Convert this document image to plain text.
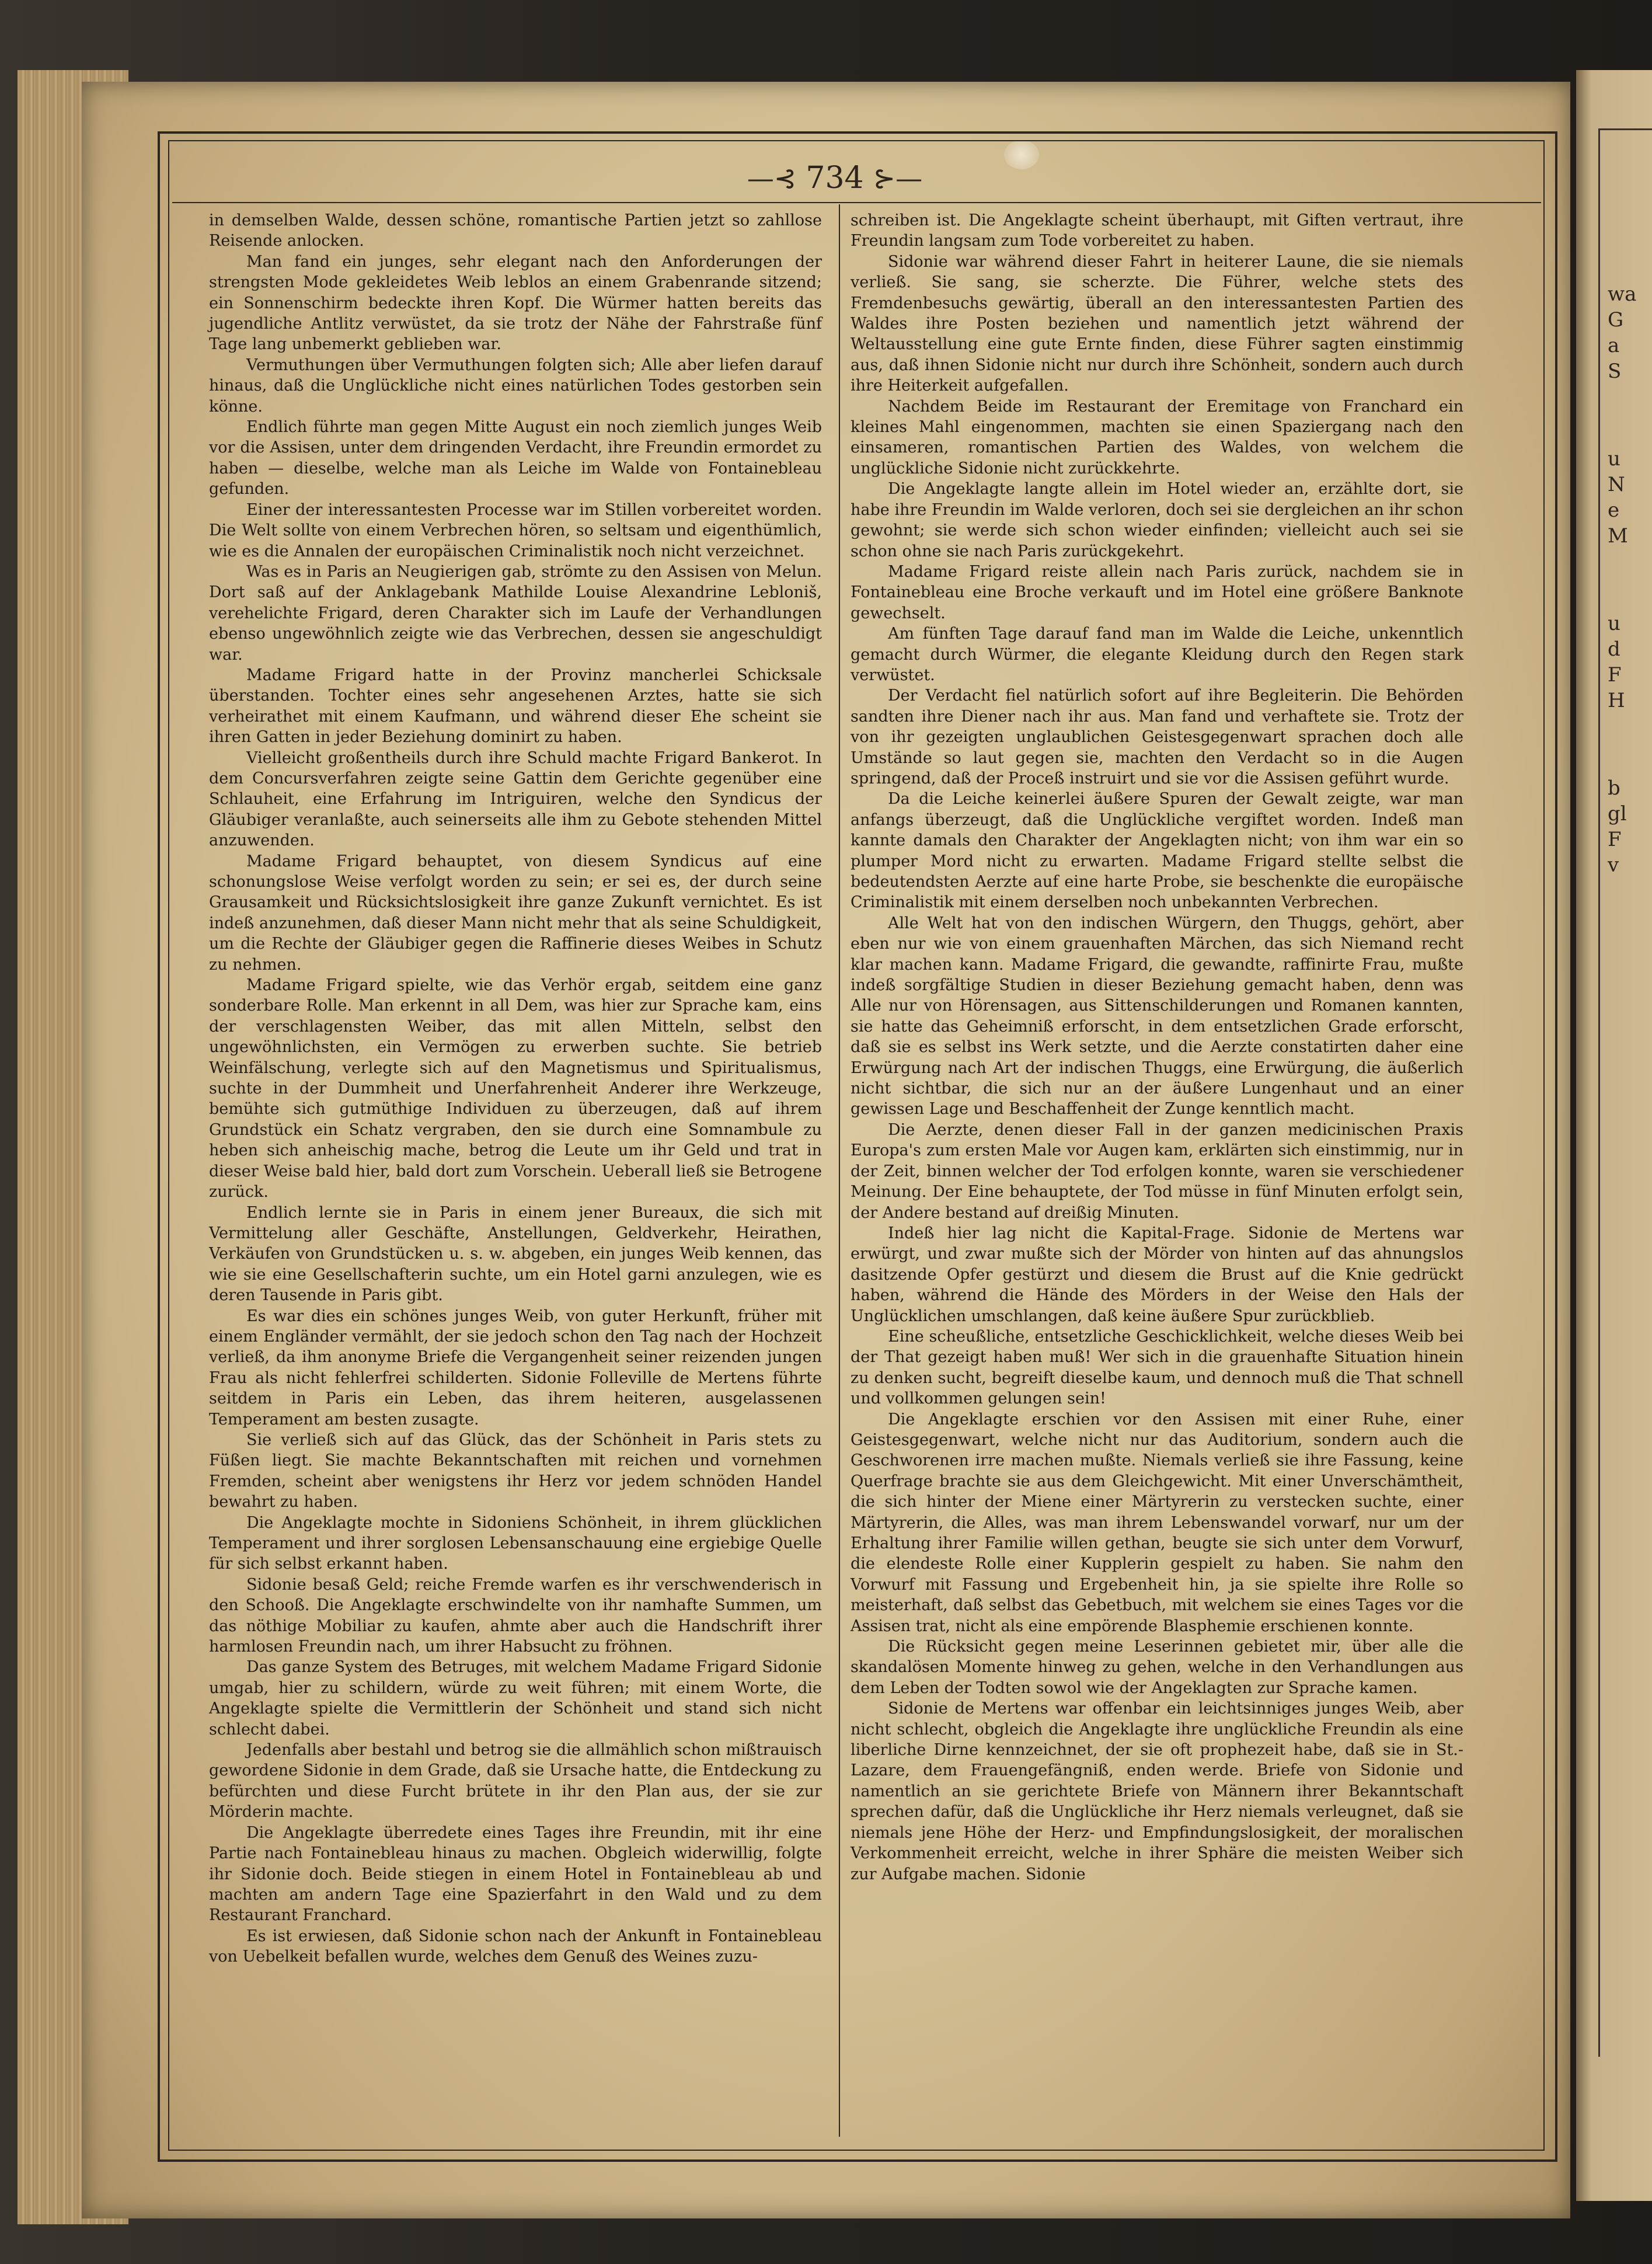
wa
G
a
S
u
N
e
M
u
d
F
H
b
gl
F
v
—⊰ 734 ⊱—

in demselben Walde, dessen schöne, romantische Partien jetzt so zahllose Reisende anlocken.

Man fand ein junges, sehr elegant nach den Anforderungen der strengsten Mode gekleidetes Weib leblos an einem Grabenrande sitzend; ein Sonnenschirm bedeckte ihren Kopf. Die Würmer hatten bereits das jugendliche Antlitz verwüstet, da sie trotz der Nähe der Fahrstraße fünf Tage lang unbemerkt geblieben war.

Vermuthungen über Vermuthungen folgten sich; Alle aber liefen darauf hinaus, daß die Unglückliche nicht eines natürlichen Todes gestorben sein könne.

Endlich führte man gegen Mitte August ein noch ziemlich junges Weib vor die Assisen, unter dem dringenden Verdacht, ihre Freundin ermordet zu haben — dieselbe, welche man als Leiche im Walde von Fontainebleau gefunden.

Einer der interessantesten Processe war im Stillen vorbereitet worden. Die Welt sollte von einem Verbrechen hören, so seltsam und eigenthümlich, wie es die Annalen der europäischen Criminalistik noch nicht verzeichnet.

Was es in Paris an Neugierigen gab, strömte zu den Assisen von Melun. Dort saß auf der Anklagebank Mathilde Louise Alexandrine Lebloniš, verehelichte Frigard, deren Charakter sich im Laufe der Verhandlungen ebenso ungewöhnlich zeigte wie das Verbrechen, dessen sie angeschuldigt war.

Madame Frigard hatte in der Provinz mancherlei Schicksale überstanden. Tochter eines sehr angesehenen Arztes, hatte sie sich verheirathet mit einem Kaufmann, und während dieser Ehe scheint sie ihren Gatten in jeder Beziehung dominirt zu haben.

Vielleicht großentheils durch ihre Schuld machte Frigard Bankerot. In dem Concursverfahren zeigte seine Gattin dem Gerichte gegenüber eine Schlauheit, eine Erfahrung im Intriguiren, welche den Syndicus der Gläubiger veranlaßte, auch seinerseits alle ihm zu Gebote stehenden Mittel anzuwenden.

Madame Frigard behauptet, von diesem Syndicus auf eine schonungslose Weise verfolgt worden zu sein; er sei es, der durch seine Grausamkeit und Rücksichtslosigkeit ihre ganze Zukunft vernichtet. Es ist indeß anzunehmen, daß dieser Mann nicht mehr that als seine Schuldigkeit, um die Rechte der Gläubiger gegen die Raffinerie dieses Weibes in Schutz zu nehmen.

Madame Frigard spielte, wie das Verhör ergab, seitdem eine ganz sonderbare Rolle. Man erkennt in all Dem, was hier zur Sprache kam, eins der verschlagensten Weiber, das mit allen Mitteln, selbst den ungewöhnlichsten, ein Vermögen zu erwerben suchte. Sie betrieb Weinfälschung, verlegte sich auf den Magnetismus und Spiritualismus, suchte in der Dummheit und Unerfahrenheit Anderer ihre Werkzeuge, bemühte sich gutmüthige Individuen zu überzeugen, daß auf ihrem Grundstück ein Schatz vergraben, den sie durch eine Somnambule zu heben sich anheischig mache, betrog die Leute um ihr Geld und trat in dieser Weise bald hier, bald dort zum Vorschein. Ueberall ließ sie Betrogene zurück.

Endlich lernte sie in Paris in einem jener Bureaux, die sich mit Vermittelung aller Geschäfte, Anstellungen, Geldverkehr, Heirathen, Verkäufen von Grundstücken u. s. w. abgeben, ein junges Weib kennen, das wie sie eine Gesellschafterin suchte, um ein Hotel garni anzulegen, wie es deren Tausende in Paris gibt.

Es war dies ein schönes junges Weib, von guter Herkunft, früher mit einem Engländer vermählt, der sie jedoch schon den Tag nach der Hochzeit verließ, da ihm anonyme Briefe die Vergangenheit seiner reizenden jungen Frau als nicht fehlerfrei schilderten. Sidonie Follevi̇lle de Mertens führte seitdem in Paris ein Leben, das ihrem heiteren, ausgelassenen Temperament am besten zusagte.

Sie verließ sich auf das Glück, das der Schönheit in Paris stets zu Füßen liegt. Sie machte Bekanntschaften mit reichen und vornehmen Fremden, scheint aber wenigstens ihr Herz vor jedem schnöden Handel bewahrt zu haben.

Die Angeklagte mochte in Sidoniens Schönheit, in ihrem glücklichen Temperament und ihrer sorglosen Lebensanschauung eine ergiebige Quelle für sich selbst erkannt haben.

Sidonie besaß Geld; reiche Fremde warfen es ihr verschwenderisch in den Schooß. Die Angeklagte erschwindelte von ihr namhafte Summen, um das nöthige Mobiliar zu kaufen, ahmte aber auch die Handschrift ihrer harmlosen Freundin nach, um ihrer Habsucht zu fröhnen.

Das ganze System des Betruges, mit welchem Madame Frigard Sidonie umgab, hier zu schildern, würde zu weit führen; mit einem Worte, die Angeklagte spielte die Vermittlerin der Schönheit und stand sich nicht schlecht dabei.

Jedenfalls aber bestahl und betrog sie die allmählich schon mißtrauisch gewordene Sidonie in dem Grade, daß sie Ursache hatte, die Entdeckung zu befürchten und diese Furcht brütete in ihr den Plan aus, der sie zur Mörderin machte.

Die Angeklagte überredete eines Tages ihre Freundin, mit ihr eine Partie nach Fontainebleau hinaus zu machen. Obgleich widerwillig, folgte ihr Sidonie doch. Beide stiegen in einem Hotel in Fontainebleau ab und machten am andern Tage eine Spazierfahrt in den Wald und zu dem Restaurant Franchard.

Es ist erwiesen, daß Sidonie schon nach der Ankunft in Fontainebleau von Uebelkeit befallen wurde, welches dem Genuß des Weines zuzu-

schreiben ist. Die Angeklagte scheint überhaupt, mit Giften vertraut, ihre Freundin langsam zum Tode vorbereitet zu haben.

Sidonie war während dieser Fahrt in heiterer Laune, die sie niemals verließ. Sie sang, sie scherzte. Die Führer, welche stets des Fremdenbesuchs gewärtig, überall an den interessantesten Partien des Waldes ihre Posten beziehen und namentlich jetzt während der Weltausstellung eine gute Ernte finden, diese Führer sagten einstimmig aus, daß ihnen Sidonie nicht nur durch ihre Schönheit, sondern auch durch ihre Heiterkeit aufgefallen.

Nachdem Beide im Restaurant der Eremitage von Franchard ein kleines Mahl eingenommen, machten sie einen Spaziergang nach den einsameren, romantischen Partien des Waldes, von welchem die unglückliche Sidonie nicht zurückkehrte.

Die Angeklagte langte allein im Hotel wieder an, erzählte dort, sie habe ihre Freundin im Walde verloren, doch sei sie dergleichen an ihr schon gewohnt; sie werde sich schon wieder einfinden; vielleicht auch sei sie schon ohne sie nach Paris zurückgekehrt.

Madame Frigard reiste allein nach Paris zurück, nachdem sie in Fontainebleau eine Broche verkauft und im Hotel eine größere Banknote gewechselt.

Am fünften Tage darauf fand man im Walde die Leiche, unkenntlich gemacht durch Würmer, die elegante Kleidung durch den Regen stark verwüstet.

Der Verdacht fiel natürlich sofort auf ihre Begleiterin. Die Behörden sandten ihre Diener nach ihr aus. Man fand und verhaftete sie. Trotz der von ihr gezeigten unglaublichen Geistesgegenwart sprachen doch alle Umstände so laut gegen sie, machten den Verdacht so in die Augen springend, daß der Proceß instruirt und sie vor die Assisen geführt wurde.

Da die Leiche keinerlei äußere Spuren der Gewalt zeigte, war man anfangs überzeugt, daß die Unglückliche vergiftet worden. Indeß man kannte damals den Charakter der Angeklagten nicht; von ihm war ein so plumper Mord nicht zu erwarten. Madame Frigard stellte selbst die bedeutendsten Aerzte auf eine harte Probe, sie beschenkte die europäische Criminalistik mit einem derselben noch unbekannten Verbrechen.

Alle Welt hat von den indischen Würgern, den Thuggs, gehört, aber eben nur wie von einem grauenhaften Märchen, das sich Niemand recht klar machen kann. Madame Frigard, die gewandte, raffinirte Frau, mußte indeß sorgfältige Studien in dieser Beziehung gemacht haben, denn was Alle nur von Hörensagen, aus Sittenschilderungen und Romanen kannten, sie hatte das Geheimniß erforscht, in dem entsetzlichen Grade erforscht, daß sie es selbst ins Werk setzte, und die Aerzte constatirten daher eine Erwürgung nach Art der indischen Thuggs, eine Erwürgung, die äußerlich nicht sichtbar, die sich nur an der äußere Lungenhaut und an einer gewissen Lage und Beschaffenheit der Zunge kenntlich macht.

Die Aerzte, denen dieser Fall in der ganzen medicinischen Praxis Europa's zum ersten Male vor Augen kam, erklärten sich einstimmig, nur in der Zeit, binnen welcher der Tod erfolgen konnte, waren sie verschiedener Meinung. Der Eine behauptete, der Tod müsse in fünf Minuten erfolgt sein, der Andere bestand auf dreißig Minuten.

Indeß hier lag nicht die Kapital-Frage. Sidonie de Mertens war erwürgt, und zwar mußte sich der Mörder von hinten auf das ahnungslos dasitzende Opfer gestürzt und diesem die Brust auf die Knie gedrückt haben, während die Hände des Mörders in der Weise den Hals der Unglücklichen umschlangen, daß keine äußere Spur zurückblieb.

Eine scheußliche, entsetzliche Geschicklichkeit, welche dieses Weib bei der That gezeigt haben muß! Wer sich in die grauenhafte Situation hinein zu denken sucht, begreift dieselbe kaum, und dennoch muß die That schnell und vollkommen gelungen sein!

Die Angeklagte erschien vor den Assisen mit einer Ruhe, einer Geistesgegenwart, welche nicht nur das Auditorium, sondern auch die Geschworenen irre machen mußte. Niemals verließ sie ihre Fassung, keine Querfrage brachte sie aus dem Gleichgewicht. Mit einer Unverschämtheit, die sich hinter der Miene einer Märtyrerin zu verstecken suchte, einer Märtyrerin, die Alles, was man ihrem Lebenswandel vorwarf, nur um der Erhaltung ihrer Familie willen gethan, beugte sie sich unter dem Vorwurf, die elendeste Rolle einer Kupplerin gespielt zu haben. Sie nahm den Vorwurf mit Fassung und Ergebenheit hin, ja sie spielte ihre Rolle so meisterhaft, daß selbst das Gebetbuch, mit welchem sie eines Tages vor die Assisen trat, nicht als eine empörende Blasphemie erschienen konnte.

Die Rücksicht gegen meine Leserinnen gebietet mir, über alle die skandalösen Momente hinweg zu gehen, welche in den Verhandlungen aus dem Leben der Todten sowol wie der Angeklagten zur Sprache kamen.

Sidonie de Mertens war offenbar ein leichtsinniges junges Weib, aber nicht schlecht, obgleich die Angeklagte ihre unglückliche Freundin als eine liberliche Dirne kennzeichnet, der sie oft prophezeit habe, daß sie in St.-Lazare, dem Frauengefängniß, enden werde. Briefe von Sidonie und namentlich an sie gerichtete Briefe von Männern ihrer Bekanntschaft sprechen dafür, daß die Unglückliche ihr Herz niemals verleugnet, daß sie niemals jene Höhe der Herz- und Empfindungslosigkeit, der moralischen Verkommenheit erreicht, welche in ihrer Sphäre die meisten Weiber sich zur Aufgabe machen. Sidonie
